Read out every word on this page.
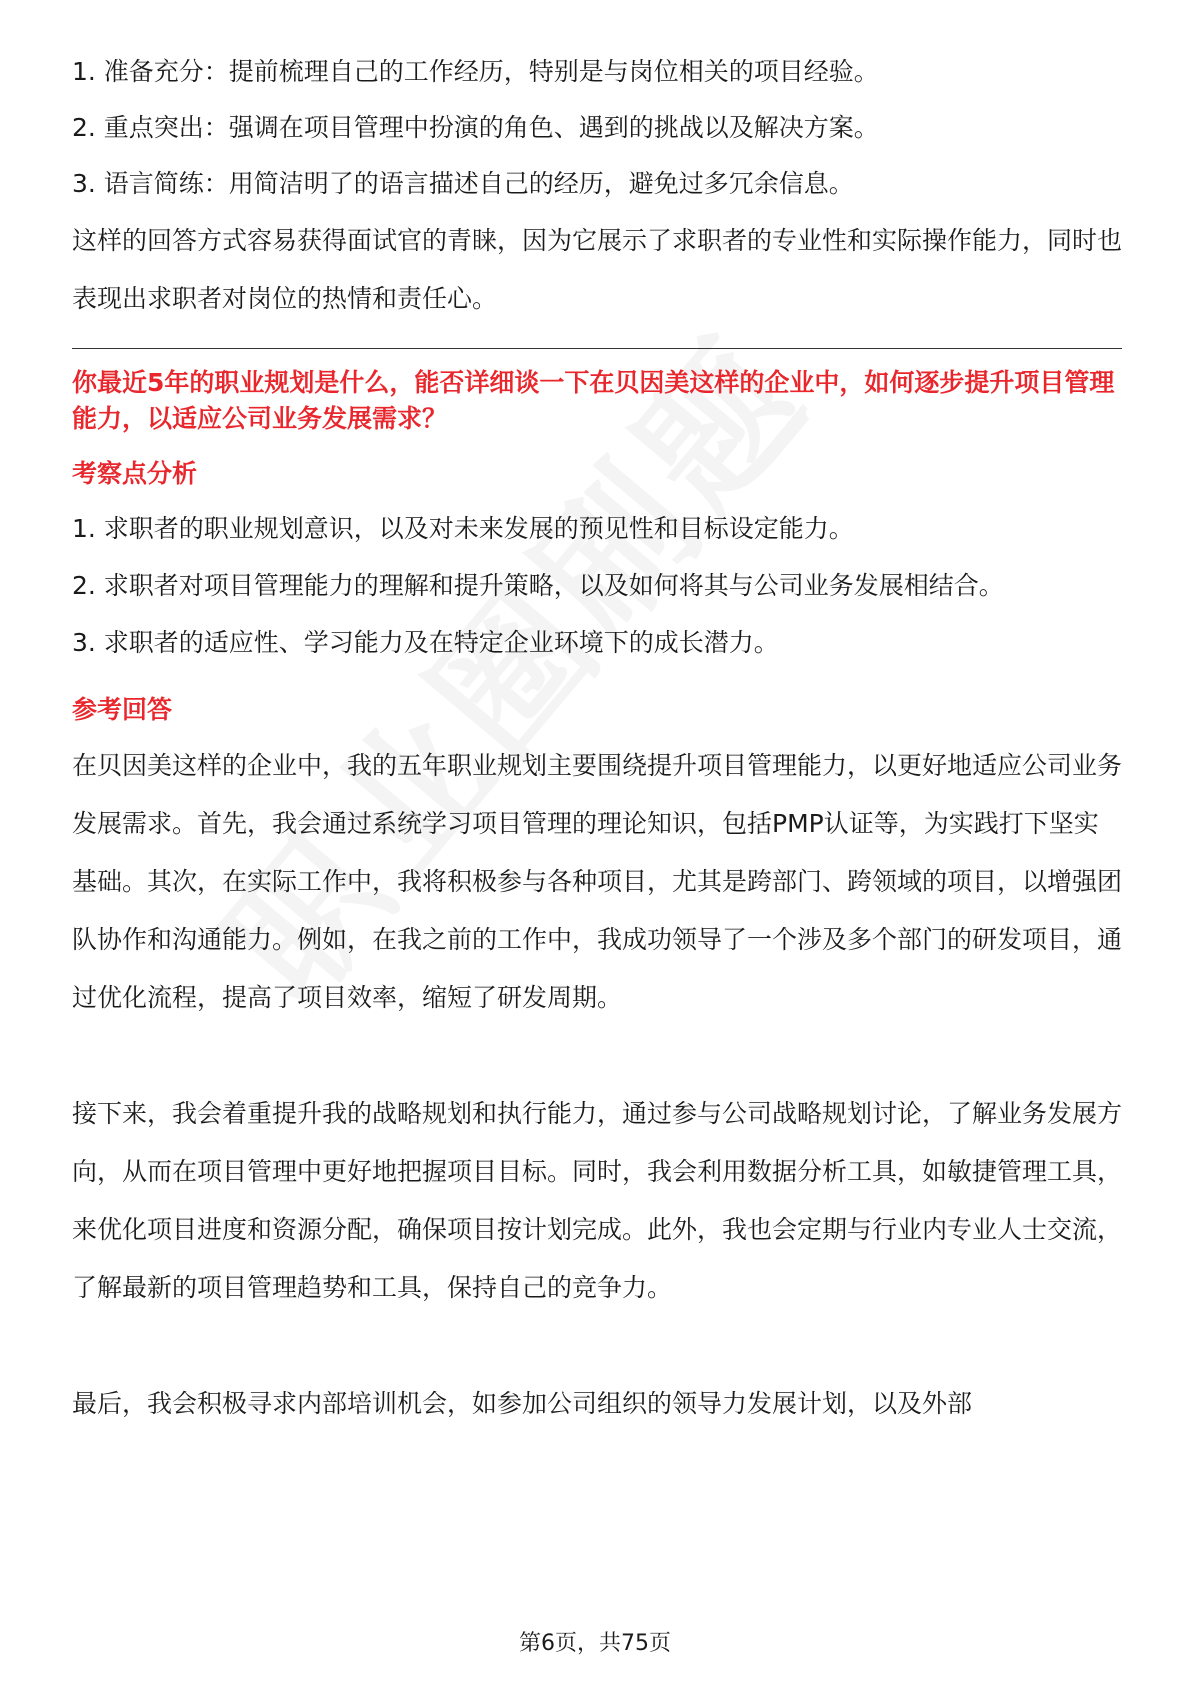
1. 准备充分：提前梳理自己的工作经历，特别是与岗位相关的项目经验。

2. 重点突出：强调在项目管理中扮演的角色、遇到的挑战以及解决方案。

3. 语言简练：用简洁明了的语言描述自己的经历，避免过多冗余信息。

这样的回答方式容易获得面试官的青睐，因为它展示了求职者的专业性和实际操作能力，同时也表现出求职者对岗位的热情和责任心。

你最近5年的职业规划是什么，能否详细谈一下在贝因美这样的企业中，如何逐步提升项目管理能力，以适应公司业务发展需求？

考察点分析

1. 求职者的职业规划意识，以及对未来发展的预见性和目标设定能力。

2. 求职者对项目管理能力的理解和提升策略，以及如何将其与公司业务发展相结合。

3. 求职者的适应性、学习能力及在特定企业环境下的成长潜力。

参考回答

在贝因美这样的企业中，我的五年职业规划主要围绕提升项目管理能力，以更好地适应公司业务发展需求。首先，我会通过系统学习项目管理的理论知识，包括PMP认证等，为实践打下坚实基础。其次，在实际工作中，我将积极参与各种项目，尤其是跨部门、跨领域的项目，以增强团队协作和沟通能力。例如，在我之前的工作中，我成功领导了一个涉及多个部门的研发项目，通过优化流程，提高了项目效率，缩短了研发周期。

接下来，我会着重提升我的战略规划和执行能力，通过参与公司战略规划讨论，了解业务发展方向，从而在项目管理中更好地把握项目目标。同时，我会利用数据分析工具，如敏捷管理工具，来优化项目进度和资源分配，确保项目按计划完成。此外，我也会定期与行业内专业人士交流，了解最新的项目管理趋势和工具，保持自己的竞争力。

最后，我会积极寻求内部培训机会，如参加公司组织的领导力发展计划，以及外部

第6页，共75页
